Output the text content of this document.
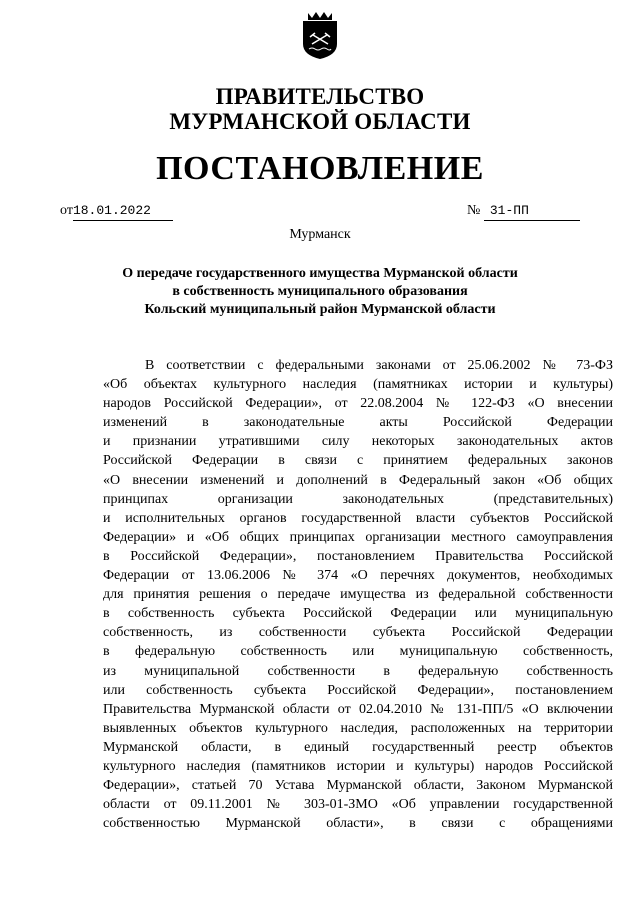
ПРАВИТЕЛЬСТВО
МУРМАНСКОЙ ОБЛАСТИ
ПОСТАНОВЛЕНИЕ
от18.01.2022	№ 31-ПП
Мурманск
О передаче государственного имущества Мурманской области
в собственность муниципального образования
Кольский муниципальный район Мурманской области
В соответствии с федеральными законами от 25.06.2002 № 73-ФЗ
«Об объектах культурного наследия (памятниках истории и культуры)
народов Российской Федерации», от 22.08.2004 № 122-ФЗ «О внесении
изменений в законодательные акты Российской Федерации
и признании утратившими силу некоторых законодательных актов
Российской Федерации в связи с принятием федеральных законов
«О внесении изменений и дополнений в Федеральный закон «Об общих
принципах организации законодательных (представительных)
и исполнительных органов государственной власти субъектов Российской
Федерации» и «Об общих принципах организации местного самоуправления
в Российской Федерации», постановлением Правительства Российской
Федерации от 13.06.2006 № 374 «О перечнях документов, необходимых
для принятия решения о передаче имущества из федеральной собственности
в собственность субъекта Российской Федерации или муниципальную
собственность, из собственности субъекта Российской Федерации
в федеральную собственность или муниципальную собственность,
из муниципальной собственности в федеральную собственность
или собственность субъекта Российской Федерации», постановлением
Правительства Мурманской области от 02.04.2010 № 131-ПП/5 «О включении
выявленных объектов культурного наследия, расположенных на территории
Мурманской области, в единый государственный реестр объектов
культурного наследия (памятников истории и культуры) народов Российской
Федерации», статьей 70 Устава Мурманской области, Законом Мурманской
области от 09.11.2001 № 303-01-ЗМО «Об управлении государственной
собственностью Мурманской области», в связи с обращениями
